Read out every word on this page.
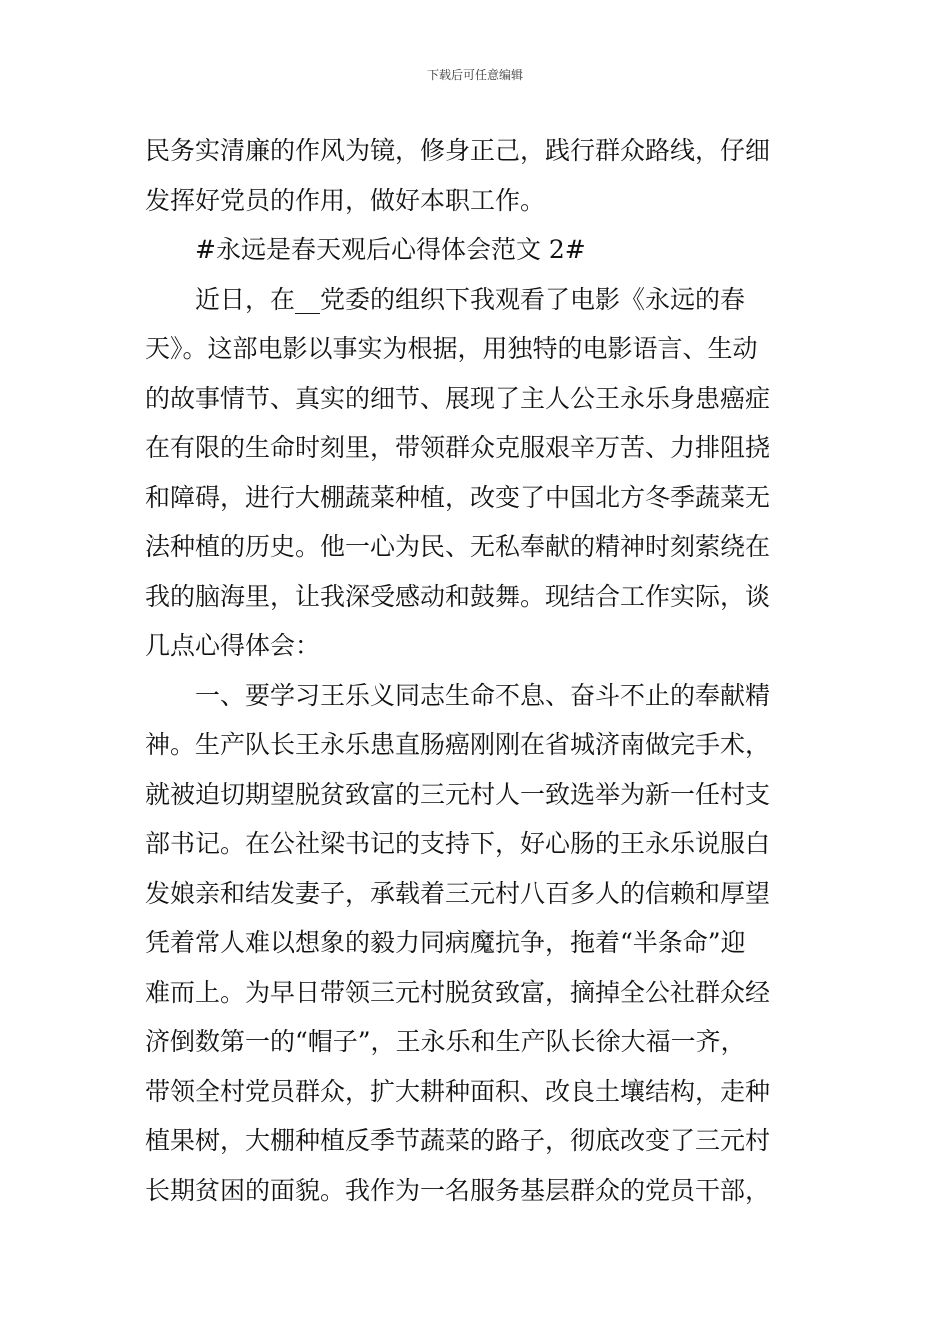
下载后可任意编辑
民务实清廉的作风为镜，修身正己，践行群众路线，仔细
发挥好党员的作用，做好本职工作。
#永远是春天观后心得体会范文 2#
近日，在__党委的组织下我观看了电影《永远的春
天》。这部电影以事实为根据，用独特的电影语言、生动
的故事情节、真实的细节、展现了主人公王永乐身患癌症
在有限的生命时刻里，带领群众克服艰辛万苦、力排阻挠
和障碍，进行大棚蔬菜种植，改变了中国北方冬季蔬菜无
法种植的历史。他一心为民、无私奉献的精神时刻萦绕在
我的脑海里，让我深受感动和鼓舞。现结合工作实际，谈
几点心得体会：
一、要学习王乐义同志生命不息、奋斗不止的奉献精
神。生产队长王永乐患直肠癌刚刚在省城济南做完手术，
就被迫切期望脱贫致富的三元村人一致选举为新一任村支
部书记。在公社梁书记的支持下，好心肠的王永乐说服白
发娘亲和结发妻子，承载着三元村八百多人的信赖和厚望
凭着常人难以想象的毅力同病魔抗争，拖着“半条命”迎
难而上。为早日带领三元村脱贫致富，摘掉全公社群众经
济倒数第一的“帽子”，王永乐和生产队长徐大福一齐，
带领全村党员群众，扩大耕种面积、改良土壤结构，走种
植果树，大棚种植反季节蔬菜的路子，彻底改变了三元村
长期贫困的面貌。我作为一名服务基层群众的党员干部，
